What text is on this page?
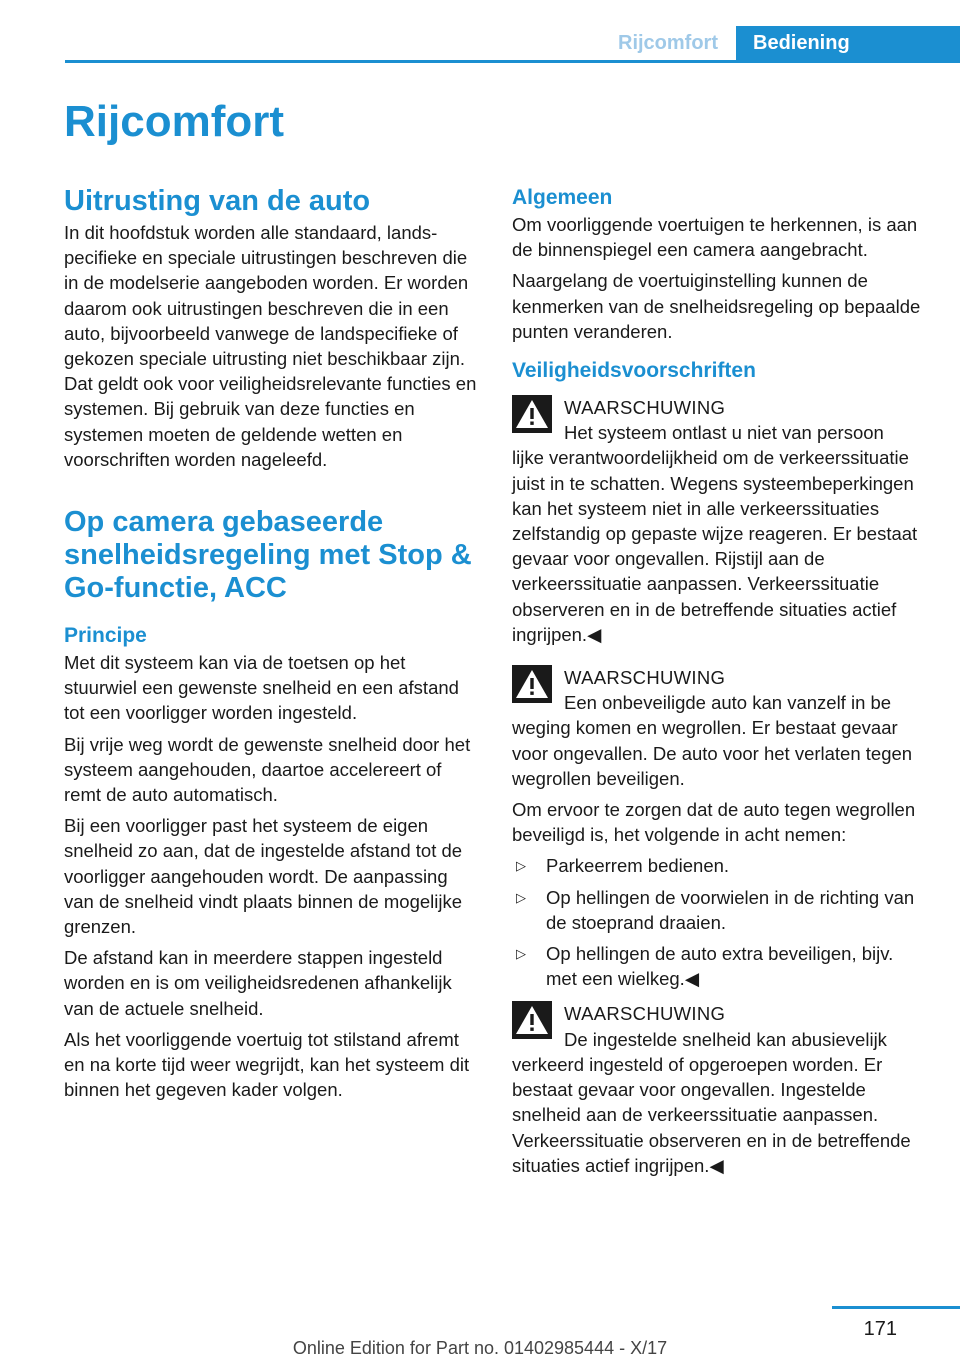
Rijcomfort	Bediening
Rijcomfort
Uitrusting van de auto

In dit hoofdstuk worden alle standaard, landspecifieke en speciale uitrustingen beschreven die in de modelserie aangeboden worden. Er worden daarom ook uitrustingen beschreven die in een auto, bijvoorbeeld vanwege de landspecifieke of gekozen speciale uitrusting niet beschikbaar zijn. Dat geldt ook voor veiligheidsrelevante functies en systemen. Bij gebruik van deze functies en systemen moeten de geldende wetten en voorschriften worden nageleefd.

Op camera gebaseerde snelheidsregeling met Stop & Go-functie, ACC
Principe

Met dit systeem kan via de toetsen op het stuurwiel een gewenste snelheid en een afstand tot een voorligger worden ingesteld.

Bij vrije weg wordt de gewenste snelheid door het systeem aangehouden, daartoe accelereert of remt de auto automatisch.

Bij een voorligger past het systeem de eigen snelheid zo aan, dat de ingestelde afstand tot de voorligger aangehouden wordt. De aanpassing van de snelheid vindt plaats binnen de mogelijke grenzen.

De afstand kan in meerdere stappen ingesteld worden en is om veiligheidsredenen afhankelijk van de actuele snelheid.

Als het voorliggende voertuig tot stilstand afremt en na korte tijd weer wegrijdt, kan het systeem dit binnen het gegeven kader volgen.

Algemeen

Om voorliggende voertuigen te herkennen, is aan de binnenspiegel een camera aangebracht.

Naargelang de voertuiginstelling kunnen de kenmerken van de snelheidsregeling op bepaalde punten veranderen.

Veiligheidsvoorschriften
WAARSCHUWING
Het systeem ontlast u niet van persoon

lijke verantwoordelijkheid om de verkeerssituatie juist in te schatten. Wegens systeembeperkingen kan het systeem niet in alle verkeerssituaties zelfstandig op gepaste wijze reageren. Er bestaat gevaar voor ongevallen. Rijstijl aan de verkeerssituatie aanpassen. Verkeerssituatie observeren en in de betreffende situaties actief ingrijpen.◀

WAARSCHUWING
Een onbeveiligde auto kan vanzelf in be

weging komen en wegrollen. Er bestaat gevaar voor ongevallen. De auto voor het verlaten tegen wegrollen beveiligen.

Om ervoor te zorgen dat de auto tegen wegrollen beveiligd is, het volgende in acht nemen:

▷ Parkeerrem bedienen.
▷ Op hellingen de voorwielen in de richting van de stoeprand draaien.
▷ Op hellingen de auto extra beveiligen, bijv. met een wielkeg.◀
WAARSCHUWING
De ingestelde snelheid kan abusievelijk

verkeerd ingesteld of opgeroepen worden. Er bestaat gevaar voor ongevallen. Ingestelde snelheid aan de verkeerssituatie aanpassen. Verkeerssituatie observeren en in de betreffende situaties actief ingrijpen.◀

171
Online Edition for Part no. 01402985444 - X/17
